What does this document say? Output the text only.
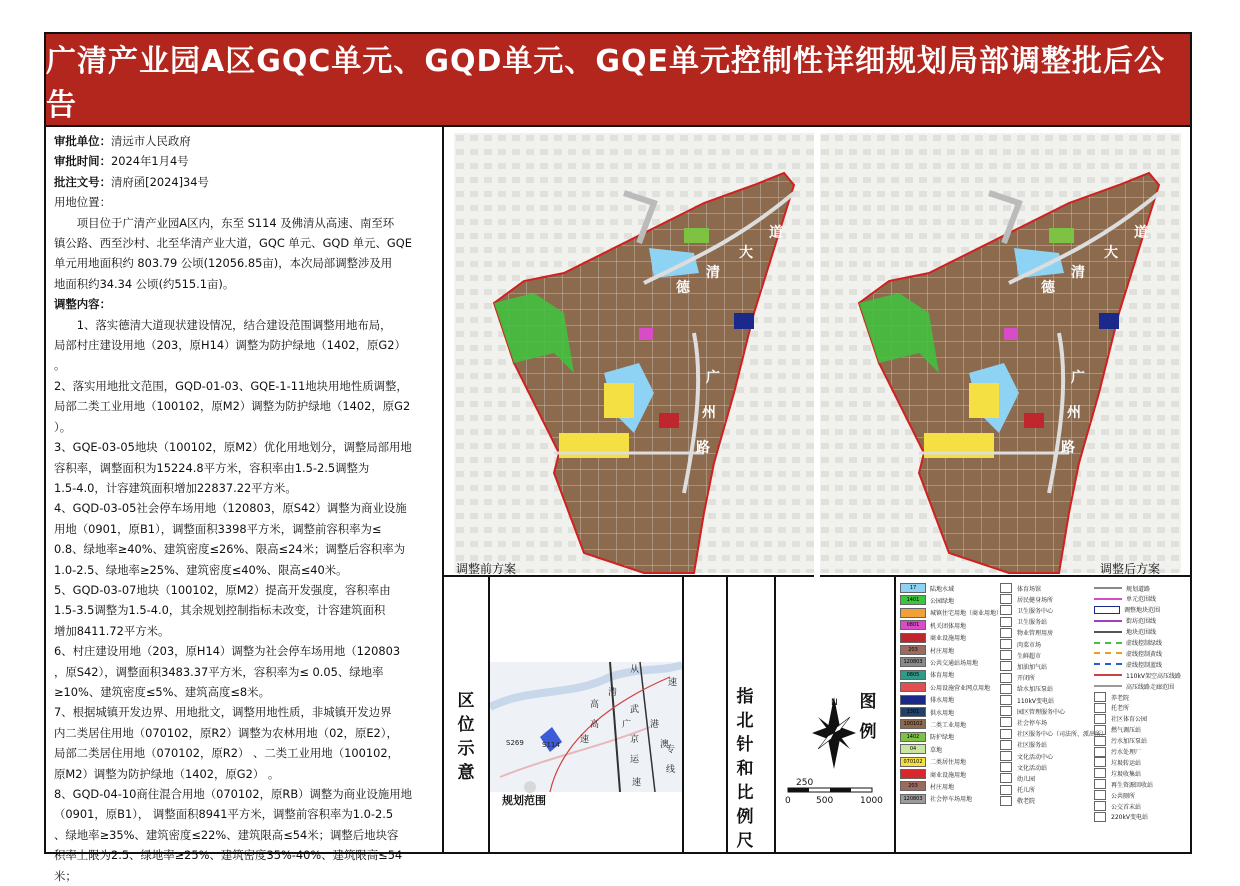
广清产业园A区GQC单元、GQD单元、GQE单元控制性详细规划局部调整批后公告
审批单位：清远市人民政府
审批时间：2024年1月4号
批注文号：清府函[2024]34号
用地位置：
　　项目位于广清产业园A区内，东至 S114 及佛清从高速、南至环
镇公路、西至沙村、北至华清产业大道，GQC 单元、GQD 单元、GQE
单元用地面积约 803.79 公顷(12056.85亩)，本次局部调整涉及用
地面积约34.34 公顷(约515.1亩)。
调整内容：
　　1、落实德清大道现状建设情况，结合建设范围调整用地布局，
局部村庄建设用地（203，原H14）调整为防护绿地（1402，原G2）
。
2、落实用地批文范围，GQD-01-03、GQE-1-11地块用地性质调整，
局部二类工业用地（100102，原M2）调整为防护绿地（1402，原G2
）。
3、GQE-03-05地块（100102，原M2）优化用地划分，调整局部用地
容积率，调整面积为15224.8平方米，容积率由1.5-2.5调整为
1.5-4.0，计容建筑面积增加22837.22平方米。
4、GQD-03-05社会停车场用地（120803，原S42）调整为商业设施
用地（0901，原B1），调整面积3398平方米，调整前容积率为≤
0.8、绿地率≥40%、建筑密度≤26%、限高≤24米；调整后容积率为
1.0-2.5、绿地率≥25%、建筑密度≤40%、限高≤40米。
5、GQD-03-07地块（100102，原M2）提高开发强度，容积率由
1.5-3.5调整为1.5-4.0，其余规划控制指标未改变，计容建筑面积
增加8411.72平方米。
6、村庄建设用地（203，原H14）调整为社会停车场用地（120803
，原S42），调整面积3483.37平方米，容积率为≤ 0.05、绿地率
≥10%、建筑密度≤5%、建筑高度≤8米。
7、根据城镇开发边界、用地批文，调整用地性质，非城镇开发边界
内二类居住用地（070102，原R2）调整为农林用地（02，原E2），
局部二类居住用地（070102，原R2） 、二类工业用地（100102，
原M2）调整为防护绿地（1402，原G2） 。
8、GQD-04-10商住混合用地（070102，原RB）调整为商业设施用地
（0901，原B1）， 调整面积8941平方米，调整前容积率为1.0-2.5
、绿地率≥35%、建筑密度≤22%、建筑限高≤54米；调整后地块容
积率上限为2.5、绿地率≥25%、建筑密度35%-40%、建筑限高≤54
米；
德
清
大
道
广
州
路
德
清
大
道
广
州
路
调整前方案	调整后方案
区
位
示
意
从
速
清
高	武
广
京
港
澳
高
速
运
专
线
速
S114
S269
规划范围
指
北
针
和
比
例
尺
N
250
0	500	1000
图
例
17	陆地水域
1401	公园绿地
城镇住宅用地（商业用地）
0801	机关团体用地
商业设施用地
203	村庄用地
120803	公共交通站场用地
0805	体育用地
公用设施营业网点用地
排水用地
1301	供水用地
100102	二类工业用地
1402	防护绿地
04	草地
070102	二类居住用地
商业设施用地
203	村庄用地
120803	社会停车场用地
体育场馆
居民健身场所
卫生服务中心
卫生服务站
物业管理用房
肉菜市场
生鲜超市
加油加气站
开闭所
给水加压泵站
110kV变电站
园区管理服务中心
社会停车场
社区服务中心（司法所、派出所）
社区服务站
文化活动中心
文化活动站
幼儿园
托儿所
敬老院
规划道路
单元范围线
调整地块范围
街坊范围线
地块范围线
虚线控制绿线
虚线控制黄线
虚线控制蓝线
110kV架空高压线路
高压线路走廊范围
养老院
托老所
社区体育公园
燃气调压站
污水加压泵站
污水处理厂
垃圾转运站
垃圾收集站
再生资源回收站
公共厕所
公交首末站
220kV变电站
